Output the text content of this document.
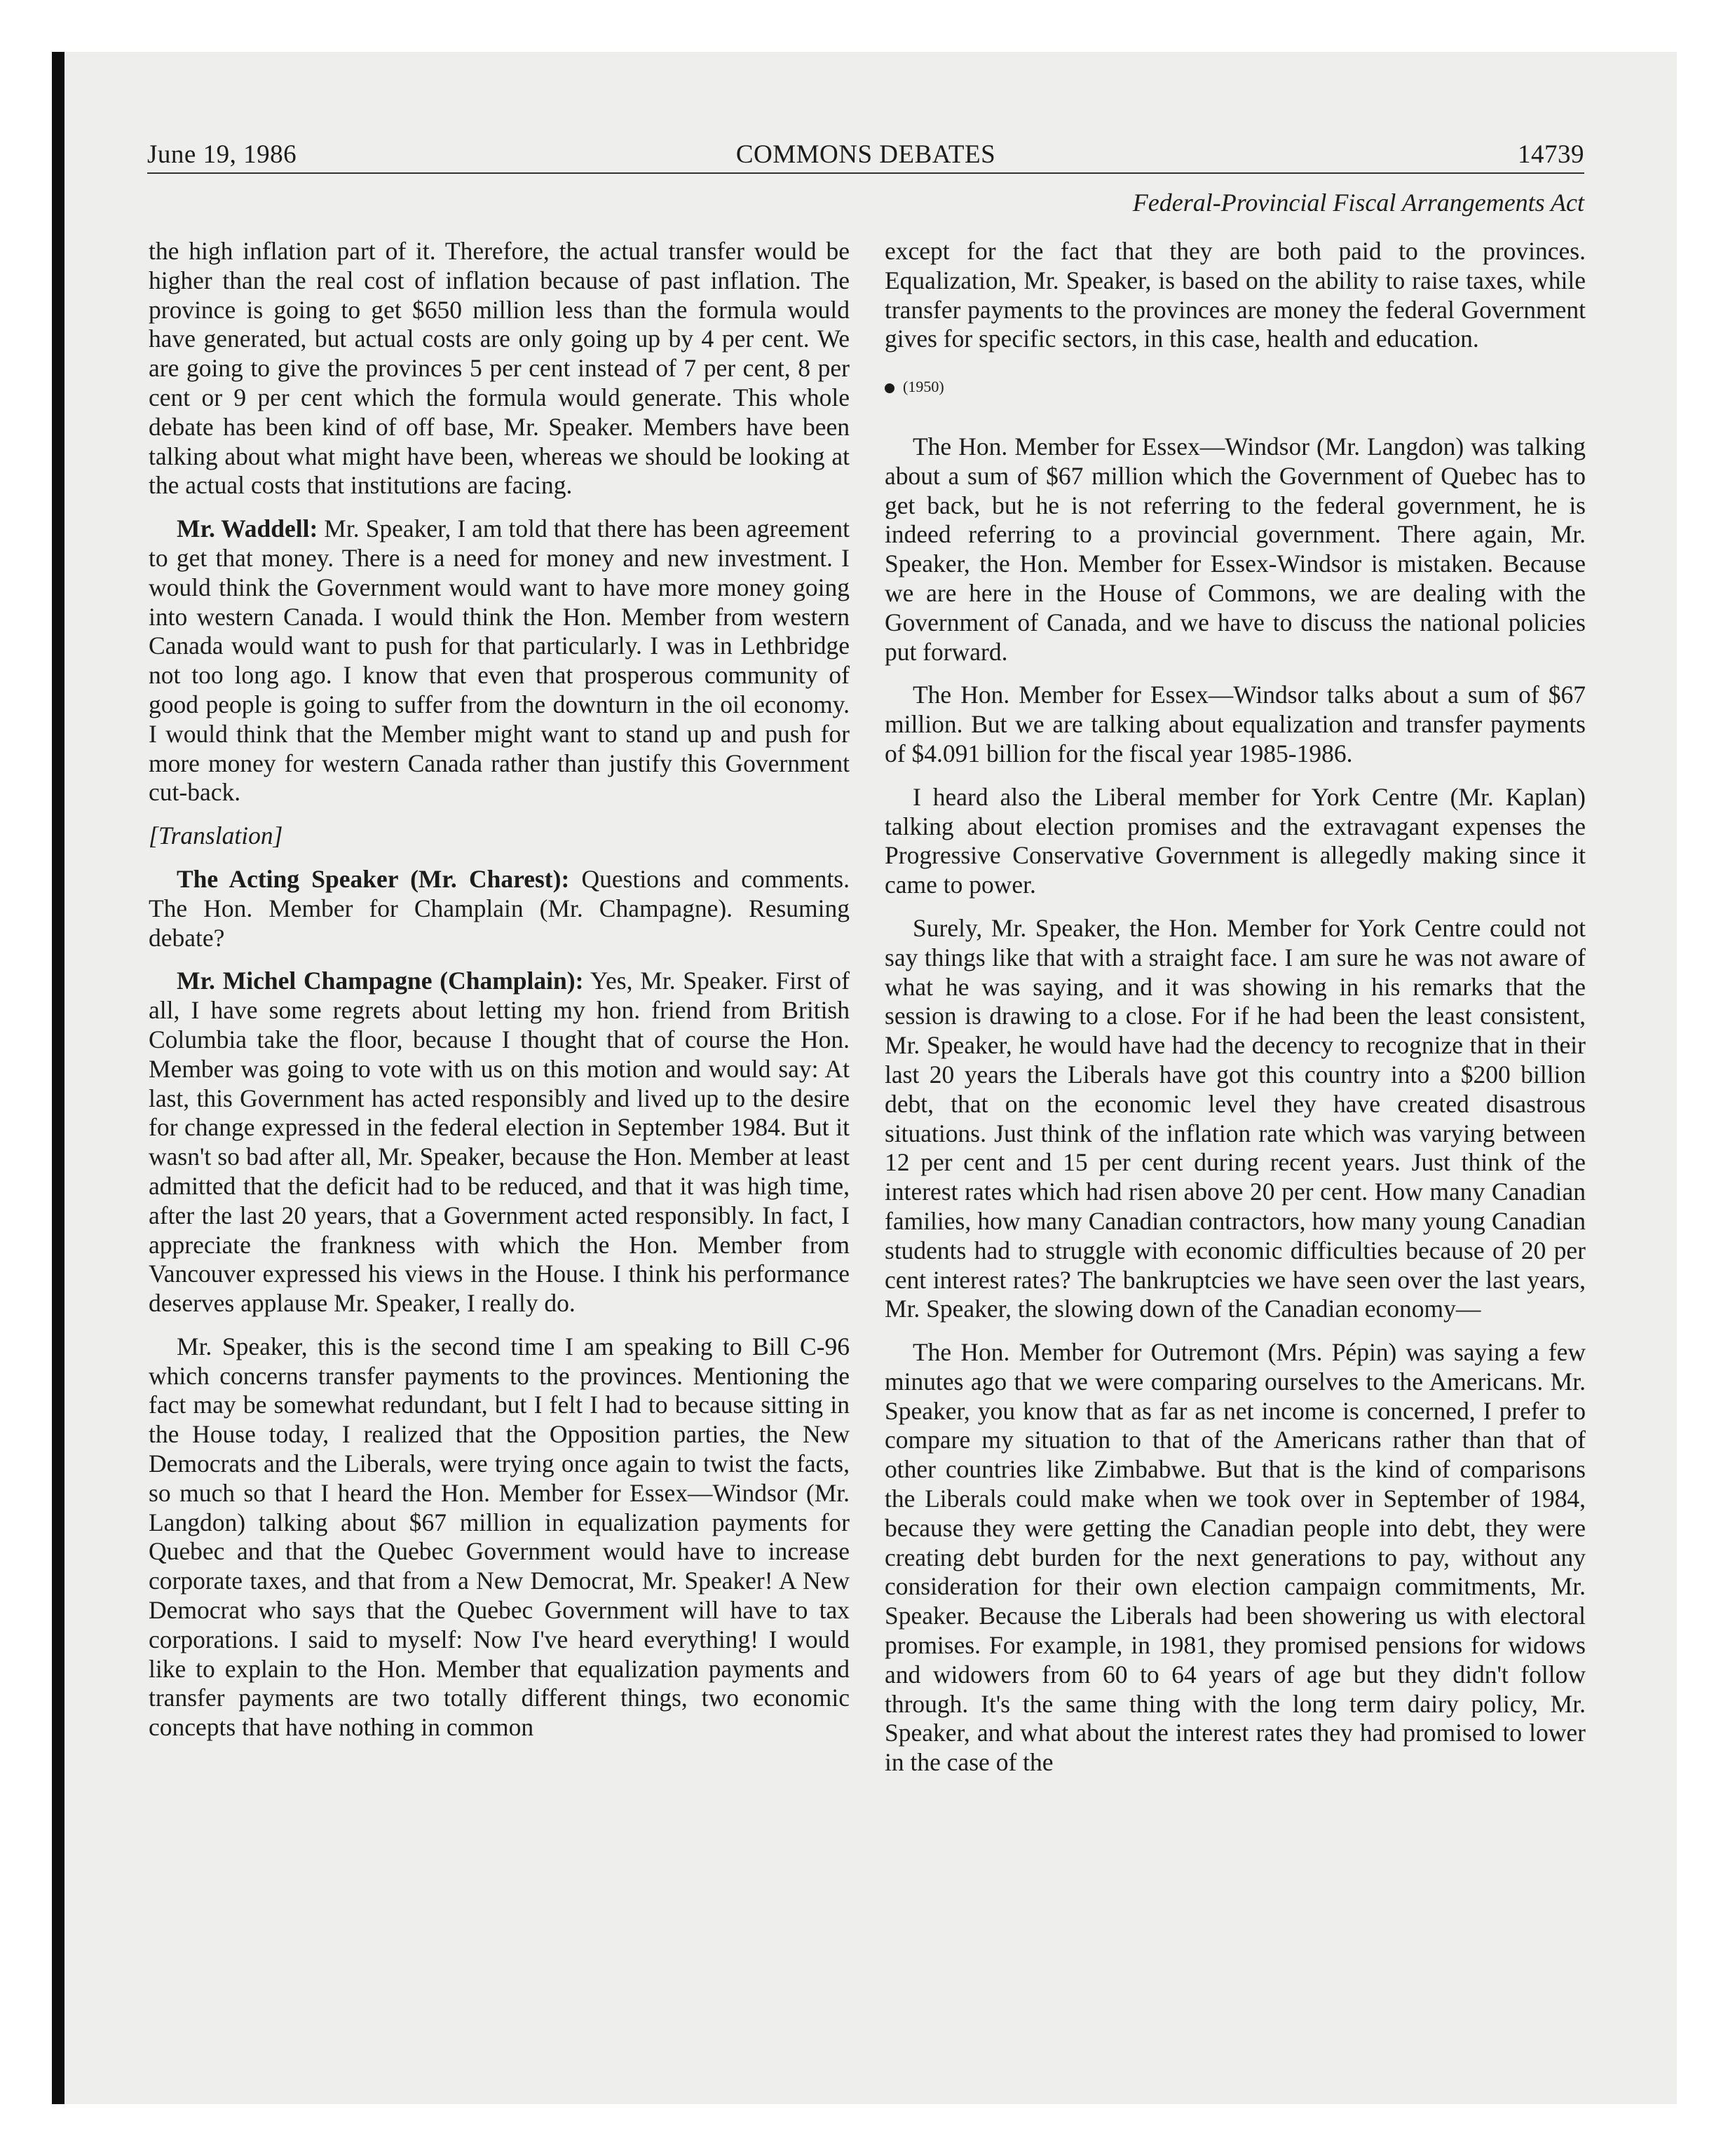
June 19, 1986	COMMONS DEBATES	14739
Federal-Provincial Fiscal Arrangements Act

the high inflation part of it. Therefore, the actual transfer would be higher than the real cost of inflation because of past inflation. The province is going to get $650 million less than the formula would have generated, but actual costs are only going up by 4 per cent. We are going to give the provinces 5 per cent instead of 7 per cent, 8 per cent or 9 per cent which the formula would generate. This whole debate has been kind of off base, Mr. Speaker. Members have been talking about what might have been, whereas we should be looking at the actual costs that institutions are facing.

Mr. Waddell: Mr. Speaker, I am told that there has been agreement to get that money. There is a need for money and new investment. I would think the Government would want to have more money going into western Canada. I would think the Hon. Member from western Canada would want to push for that particularly. I was in Lethbridge not too long ago. I know that even that prosperous community of good people is going to suffer from the downturn in the oil economy. I would think that the Member might want to stand up and push for more money for western Canada rather than justify this Government cut-back.

[Translation]

The Acting Speaker (Mr. Charest): Questions and comments. The Hon. Member for Champlain (Mr. Champagne). Resuming debate?

Mr. Michel Champagne (Champlain): Yes, Mr. Speaker. First of all, I have some regrets about letting my hon. friend from British Columbia take the floor, because I thought that of course the Hon. Member was going to vote with us on this motion and would say: At last, this Government has acted responsibly and lived up to the desire for change expressed in the federal election in September 1984. But it wasn't so bad after all, Mr. Speaker, because the Hon. Member at least admitted that the deficit had to be reduced, and that it was high time, after the last 20 years, that a Government acted responsibly. In fact, I appreciate the frankness with which the Hon. Member from Vancouver expressed his views in the House. I think his performance deserves applause Mr. Speaker, I really do.

Mr. Speaker, this is the second time I am speaking to Bill C-96 which concerns transfer payments to the provinces. Mentioning the fact may be somewhat redundant, but I felt I had to because sitting in the House today, I realized that the Opposition parties, the New Democrats and the Liberals, were trying once again to twist the facts, so much so that I heard the Hon. Member for Essex—Windsor (Mr. Langdon) talking about $67 million in equalization payments for Quebec and that the Quebec Government would have to increase corporate taxes, and that from a New Democrat, Mr. Speaker! A New Democrat who says that the Quebec Government will have to tax corporations. I said to myself: Now I've heard everything! I would like to explain to the Hon. Member that equalization payments and transfer payments are two totally different things, two economic concepts that have nothing in common

except for the fact that they are both paid to the provinces. Equalization, Mr. Speaker, is based on the ability to raise taxes, while transfer payments to the provinces are money the federal Government gives for specific sectors, in this case, health and education.

(1950)

The Hon. Member for Essex—Windsor (Mr. Langdon) was talking about a sum of $67 million which the Government of Quebec has to get back, but he is not referring to the federal government, he is indeed referring to a provincial government. There again, Mr. Speaker, the Hon. Member for Essex-Windsor is mistaken. Because we are here in the House of Commons, we are dealing with the Government of Canada, and we have to discuss the national policies put forward.

The Hon. Member for Essex—Windsor talks about a sum of $67 million. But we are talking about equalization and transfer payments of $4.091 billion for the fiscal year 1985-1986.

I heard also the Liberal member for York Centre (Mr. Kaplan) talking about election promises and the extravagant expenses the Progressive Conservative Government is allegedly making since it came to power.

Surely, Mr. Speaker, the Hon. Member for York Centre could not say things like that with a straight face. I am sure he was not aware of what he was saying, and it was showing in his remarks that the session is drawing to a close. For if he had been the least consistent, Mr. Speaker, he would have had the decency to recognize that in their last 20 years the Liberals have got this country into a $200 billion debt, that on the economic level they have created disastrous situations. Just think of the inflation rate which was varying between 12 per cent and 15 per cent during recent years. Just think of the interest rates which had risen above 20 per cent. How many Canadian families, how many Canadian contractors, how many young Canadian students had to struggle with economic difficulties because of 20 per cent interest rates? The bankruptcies we have seen over the last years, Mr. Speaker, the slowing down of the Canadian economy—

The Hon. Member for Outremont (Mrs. Pépin) was saying a few minutes ago that we were comparing ourselves to the Americans. Mr. Speaker, you know that as far as net income is concerned, I prefer to compare my situation to that of the Americans rather than that of other countries like Zimbabwe. But that is the kind of comparisons the Liberals could make when we took over in September of 1984, because they were getting the Canadian people into debt, they were creating debt burden for the next generations to pay, without any consideration for their own election campaign commitments, Mr. Speaker. Because the Liberals had been showering us with electoral promises. For example, in 1981, they promised pensions for widows and widowers from 60 to 64 years of age but they didn't follow through. It's the same thing with the long term dairy policy, Mr. Speaker, and what about the interest rates they had promised to lower in the case of the
